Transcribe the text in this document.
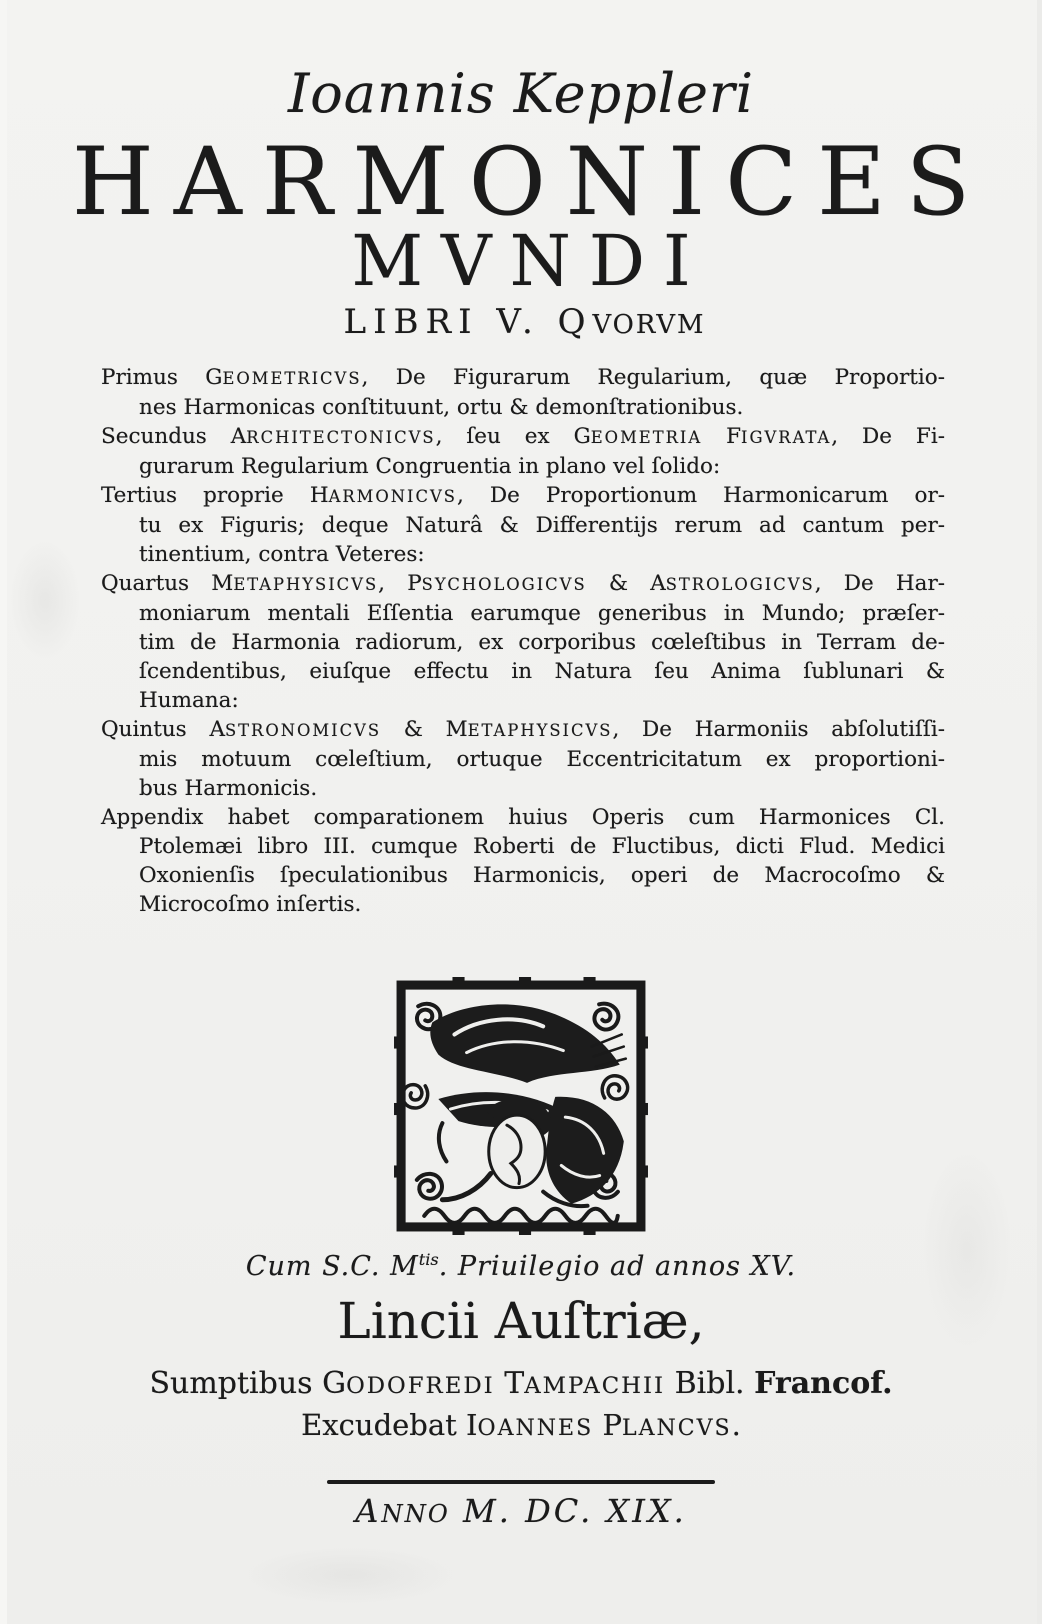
Ioannis Keppleri
HARMONICES
MVNDI
LIBRI V. QVORVM
Primus GEOMETRICVS, De Figurarum Regularium, quæ Proportio-
nes Harmonicas conſtituunt, ortu & demonſtrationibus.
Secundus ARCHITECTONICVS, ſeu ex GEOMETRIA FIGVRATA, De Fi-
gurarum Regularium Congruentia in plano vel ſolido:
Tertius proprie HARMONICVS, De Proportionum Harmonicarum or-
tu ex Figuris; deque Naturâ & Differentijs rerum ad cantum per-
tinentium, contra Veteres:
Quartus METAPHYSICVS, PSYCHOLOGICVS & ASTROLOGICVS, De Har-
moniarum mentali Eſſentia earumque generibus in Mundo; præſer-
tim de Harmonia radiorum, ex corporibus cœleſtibus in Terram de-
ſcendentibus, eiuſque effectu in Natura ſeu Anima ſublunari &
Humana:
Quintus ASTRONOMICVS & METAPHYSICVS, De Harmoniis abſolutiſſi-
mis motuum cœleſtium, ortuque Eccentricitatum ex proportioni-
bus Harmonicis.
Appendix habet comparationem huius Operis cum Harmonices Cl.
Ptolemæi libro III. cumque Roberti de Fluctibus, dicti Flud. Medici
Oxonienſis ſpeculationibus Harmonicis, operi de Macrocoſmo &
Microcoſmo inſertis.
Cum S.C. $M^{tis}$. Priuilegio ad annos XV.
Lincii Auſtriæ,
Sumptibus GODOFREDI TAMPACHII Bibl. Francof.
Excudebat IOANNES PLANCVS.
ANNO M. DC. XIX.
